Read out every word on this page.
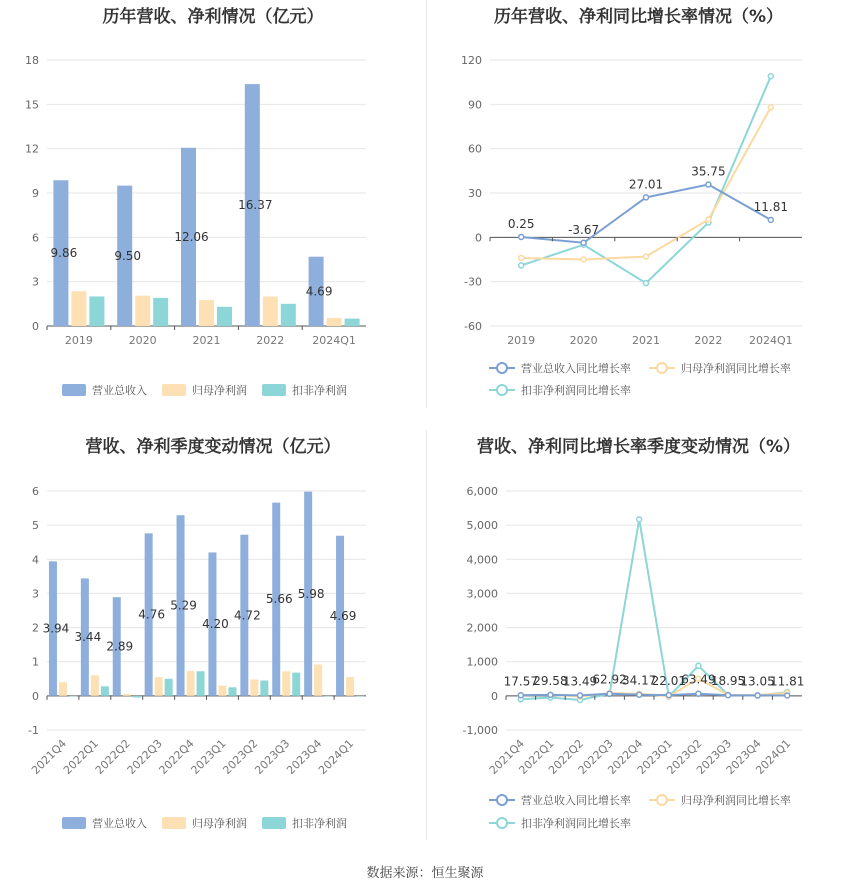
历年营收、净利情况（亿元）
0
3
6
9
12
15
18
9.86	9.50
12.06
16.37
4.69
2019	2020	2021	2022	2024Q1
营业总收入	归母净利润	扣非净利润
历年营收、净利同比增长率情况（%）
-60
-30
0
30
60
90
120
0.25	-3.67
27.01
35.75
11.81
2019	2020	2021	2022 2024Q1
营业总收入同比增长率	归母净利润同比增长率
扣非净利润同比增长率
营收、净利季度变动情况（亿元）
-1
0
1
2
3
4
5
6
3.94
3.44
2.89
4.76
5.29
4.20
4.72
5.66 5.98
4.69
2021Q4
2022Q1
2022Q2
2022Q3
2022Q4
2023Q1
2023Q2
2023Q3
2023Q4
2024Q1
营业总收入	归母净利润	扣非净利润
营收、净利同比增长率季度变动情况（%）
-1,000
0
1,000
2,000
3,000
4,000
5,000
6,000
17.57
29.58
13.49
62.92
34.17
22.01
63.49
18.95
13.05
11.81
2021Q4
2022Q1
2022Q2
2022Q3
2022Q4
2023Q1
2023Q2
2023Q3
2023Q4
2024Q1
营业总收入同比增长率	归母净利润同比增长率
扣非净利润同比增长率
数据来源：恒生聚源
